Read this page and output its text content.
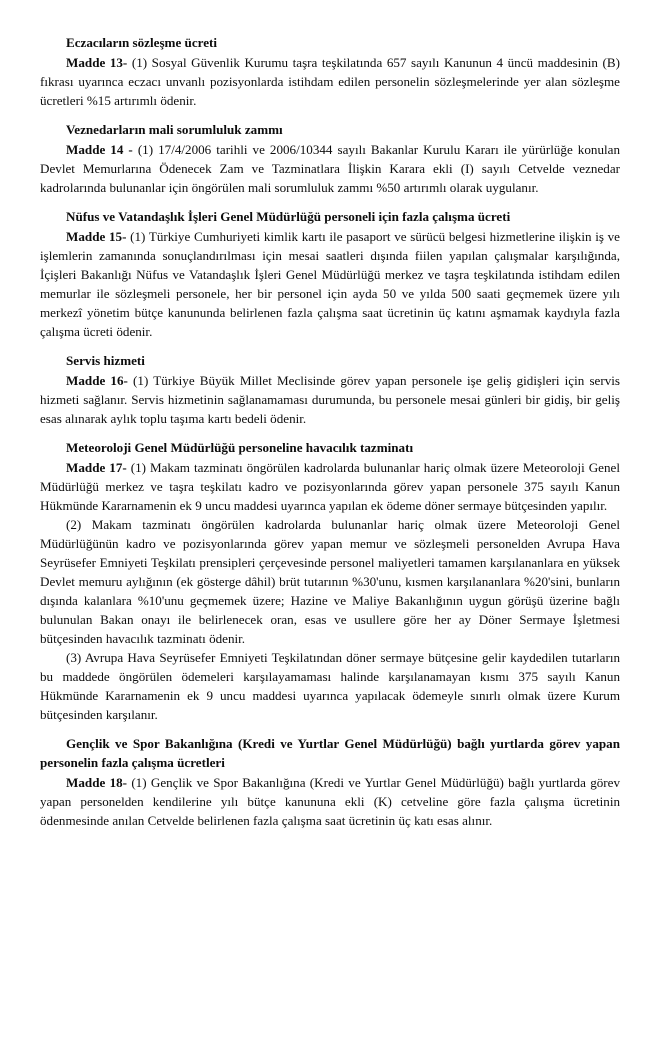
Eczacıların sözleşme ücreti

Madde 13- (1) Sosyal Güvenlik Kurumu taşra teşkilatında 657 sayılı Kanunun 4 üncü maddesinin (B) fıkrası uyarınca eczacı unvanlı pozisyonlarda istihdam edilen personelin sözleşmelerinde yer alan sözleşme ücretleri %15 artırımlı ödenir.

Veznedarların mali sorumluluk zammı

Madde 14 - (1) 17/4/2006 tarihli ve 2006/10344 sayılı Bakanlar Kurulu Kararı ile yürürlüğe konulan Devlet Memurlarına Ödenecek Zam ve Tazminatlara İlişkin Karara ekli (I) sayılı Cetvelde veznedar kadrolarında bulunanlar için öngörülen mali sorumluluk zammı %50 artırımlı olarak uygulanır.

Nüfus ve Vatandaşlık İşleri Genel Müdürlüğü personeli için fazla çalışma ücreti

Madde 15- (1) Türkiye Cumhuriyeti kimlik kartı ile pasaport ve sürücü belgesi hizmetlerine ilişkin iş ve işlemlerin zamanında sonuçlandırılması için mesai saatleri dışında fiilen yapılan çalışmalar karşılığında, İçişleri Bakanlığı Nüfus ve Vatandaşlık İşleri Genel Müdürlüğü merkez ve taşra teşkilatında istihdam edilen memurlar ile sözleşmeli personele, her bir personel için ayda 50 ve yılda 500 saati geçmemek üzere yılı merkezî yönetim bütçe kanununda belirlenen fazla çalışma saat ücretinin üç katını aşmamak kaydıyla fazla çalışma ücreti ödenir.

Servis hizmeti

Madde 16- (1) Türkiye Büyük Millet Meclisinde görev yapan personele işe geliş gidişleri için servis hizmeti sağlanır. Servis hizmetinin sağlanamaması durumunda, bu personele mesai günleri bir gidiş, bir geliş esas alınarak aylık toplu taşıma kartı bedeli ödenir.

Meteoroloji Genel Müdürlüğü personeline havacılık tazminatı

Madde 17- (1) Makam tazminatı öngörülen kadrolarda bulunanlar hariç olmak üzere Meteoroloji Genel Müdürlüğü merkez ve taşra teşkilatı kadro ve pozisyonlarında görev yapan personele 375 sayılı Kanun Hükmünde Kararnamenin ek 9 uncu maddesi uyarınca yapılan ek ödeme döner sermaye bütçesinden yapılır.

(2) Makam tazminatı öngörülen kadrolarda bulunanlar hariç olmak üzere Meteoroloji Genel Müdürlüğünün kadro ve pozisyonlarında görev yapan memur ve sözleşmeli personelden Avrupa Hava Seyrüsefer Emniyeti Teşkilatı prensipleri çerçevesinde personel maliyetleri tamamen karşılananlara en yüksek Devlet memuru aylığının (ek gösterge dâhil) brüt tutarının %30'unu, kısmen karşılananlara %20'sini, bunların dışında kalanlara %10'unu geçmemek üzere; Hazine ve Maliye Bakanlığının uygun görüşü üzerine bağlı bulunulan Bakan onayı ile belirlenecek oran, esas ve usullere göre her ay Döner Sermaye İşletmesi bütçesinden havacılık tazminatı ödenir.

(3) Avrupa Hava Seyrüsefer Emniyeti Teşkilatından döner sermaye bütçesine gelir kaydedilen tutarların bu maddede öngörülen ödemeleri karşılayamaması halinde karşılanamayan kısmı 375 sayılı Kanun Hükmünde Kararnamenin ek 9 uncu maddesi uyarınca yapılacak ödemeyle sınırlı olmak üzere Kurum bütçesinden karşılanır.

Gençlik ve Spor Bakanlığına (Kredi ve Yurtlar Genel Müdürlüğü) bağlı yurtlarda görev yapan personelin fazla çalışma ücretleri

Madde 18- (1) Gençlik ve Spor Bakanlığına (Kredi ve Yurtlar Genel Müdürlüğü) bağlı yurtlarda görev yapan personelden kendilerine yılı bütçe kanununa ekli (K) cetveline göre fazla çalışma ücretinin ödenmesinde anılan Cetvelde belirlenen fazla çalışma saat ücretinin üç katı esas alınır.
